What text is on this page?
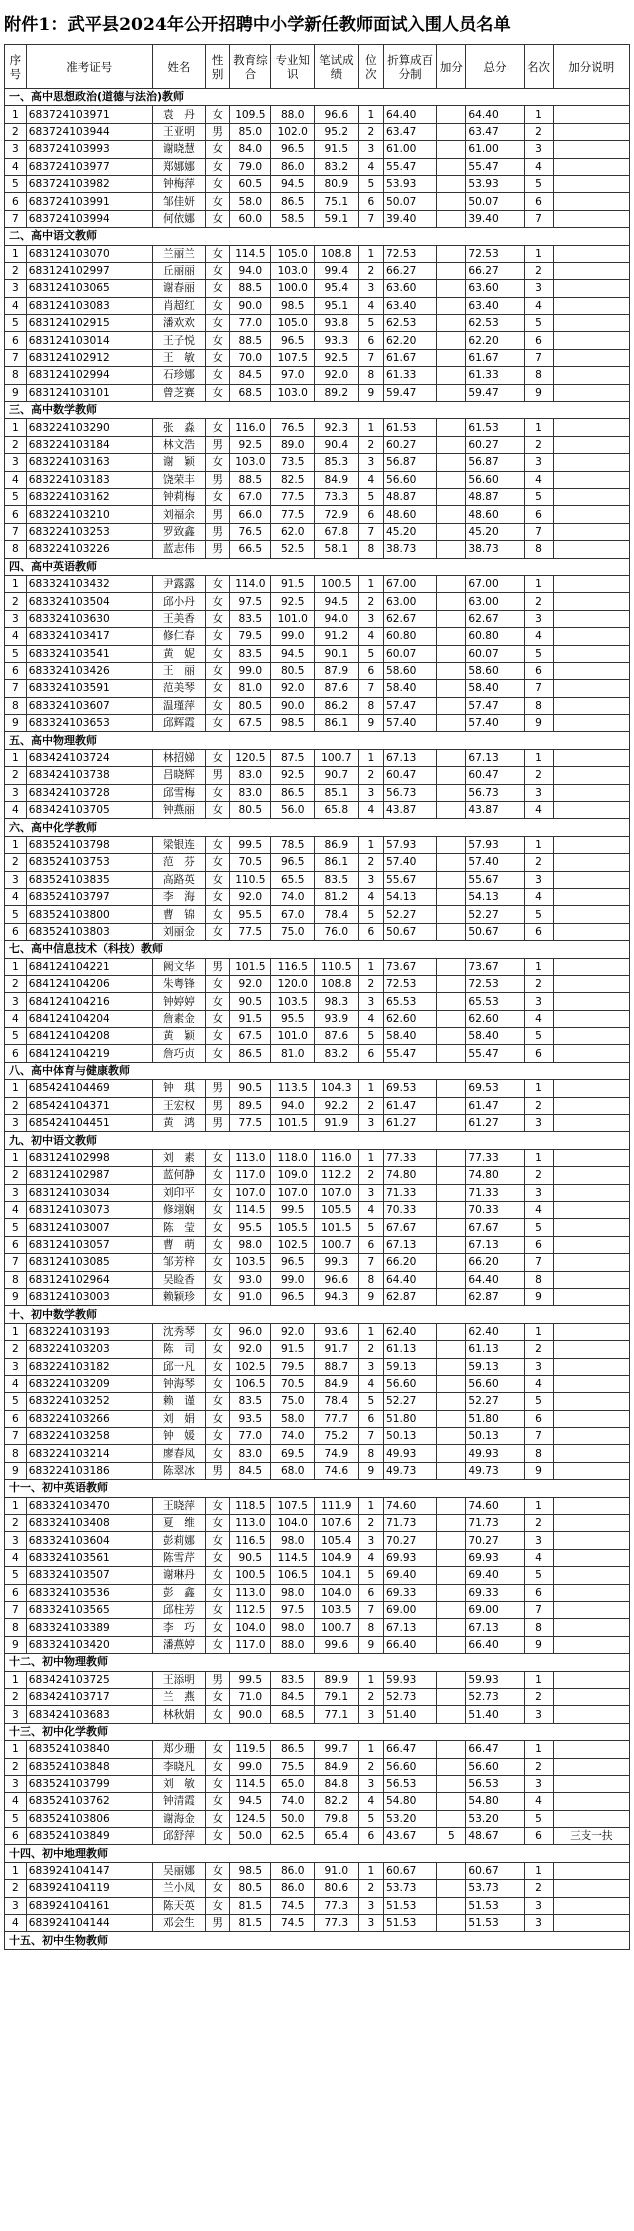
附件1：武平县2024年公开招聘中小学新任教师面试入围人员名单
序号	准考证号	姓名	性别	教育综合	专业知识	笔试成绩	位次	折算成百分制	加分	总分	名次	加分说明
一、高中思想政治(道德与法治)教师												
1	683724103971	袁　丹	女	109.5	88.0	96.6	1	64.40		64.40	1	
2	683724103944	王亚明	男	85.0	102.0	95.2	2	63.47		63.47	2	
3	683724103993	谢晓慧	女	84.0	96.5	91.5	3	61.00		61.00	3	
4	683724103977	郑娜娜	女	79.0	86.0	83.2	4	55.47		55.47	4	
5	683724103982	钟梅萍	女	60.5	94.5	80.9	5	53.93		53.93	5	
6	683724103991	邹佳妍	女	58.0	86.5	75.1	6	50.07		50.07	6	
7	683724103994	何依娜	女	60.0	58.5	59.1	7	39.40		39.40	7	
二、高中语文教师												
1	683124103070	兰丽兰	女	114.5	105.0	108.8	1	72.53		72.53	1	
2	683124102997	丘丽丽	女	94.0	103.0	99.4	2	66.27		66.27	2	
3	683124103065	谢春丽	女	88.5	100.0	95.4	3	63.60		63.60	3	
4	683124103083	肖超红	女	90.0	98.5	95.1	4	63.40		63.40	4	
5	683124102915	潘欢欢	女	77.0	105.0	93.8	5	62.53		62.53	5	
6	683124103014	王子悦	女	88.5	96.5	93.3	6	62.20		62.20	6	
7	683124102912	王　敏	女	70.0	107.5	92.5	7	61.67		61.67	7	
8	683124102994	石珍娜	女	84.5	97.0	92.0	8	61.33		61.33	8	
9	683124103101	曾芝赛	女	68.5	103.0	89.2	9	59.47		59.47	9	
三、高中数学教师												
1	683224103290	张　淼	女	116.0	76.5	92.3	1	61.53		61.53	1	
2	683224103184	林文浩	男	92.5	89.0	90.4	2	60.27		60.27	2	
3	683224103163	谢　颖	女	103.0	73.5	85.3	3	56.87		56.87	3	
4	683224103183	饶荣丰	男	88.5	82.5	84.9	4	56.60		56.60	4	
5	683224103162	钟莉梅	女	67.0	77.5	73.3	5	48.87		48.87	5	
6	683224103210	刘福余	男	66.0	77.5	72.9	6	48.60		48.60	6	
7	683224103253	罗致鑫	男	76.5	62.0	67.8	7	45.20		45.20	7	
8	683224103226	蓝志伟	男	66.5	52.5	58.1	8	38.73		38.73	8	
四、高中英语教师												
1	683324103432	尹露露	女	114.0	91.5	100.5	1	67.00		67.00	1	
2	683324103504	邱小丹	女	97.5	92.5	94.5	2	63.00		63.00	2	
3	683324103630	王美香	女	83.5	101.0	94.0	3	62.67		62.67	3	
4	683324103417	修仁春	女	79.5	99.0	91.2	4	60.80		60.80	4	
5	683324103541	黄　妮	女	83.5	94.5	90.1	5	60.07		60.07	5	
6	683324103426	王　丽	女	99.0	80.5	87.9	6	58.60		58.60	6	
7	683324103591	范美琴	女	81.0	92.0	87.6	7	58.40		58.40	7	
8	683324103607	温瑾萍	女	80.5	90.0	86.2	8	57.47		57.47	8	
9	683324103653	邱辉霞	女	67.5	98.5	86.1	9	57.40		57.40	9	
五、高中物理教师												
1	683424103724	林招娣	女	120.5	87.5	100.7	1	67.13		67.13	1	
2	683424103738	吕晓辉	男	83.0	92.5	90.7	2	60.47		60.47	2	
3	683424103728	邱雪梅	女	83.0	86.5	85.1	3	56.73		56.73	3	
4	683424103705	钟燕丽	女	80.5	56.0	65.8	4	43.87		43.87	4	
六、高中化学教师												
1	683524103798	梁银连	女	99.5	78.5	86.9	1	57.93		57.93	1	
2	683524103753	范　芬	女	70.5	96.5	86.1	2	57.40		57.40	2	
3	683524103835	高路英	女	110.5	65.5	83.5	3	55.67		55.67	3	
4	683524103797	李　海	女	92.0	74.0	81.2	4	54.13		54.13	4	
5	683524103800	曹　锦	女	95.5	67.0	78.4	5	52.27		52.27	5	
6	683524103803	刘丽金	女	77.5	75.0	76.0	6	50.67		50.67	6	
七、高中信息技术（科技）教师												
1	684124104221	阙文华	男	101.5	116.5	110.5	1	73.67		73.67	1	
2	684124104206	朱粤锋	女	92.0	120.0	108.8	2	72.53		72.53	2	
3	684124104216	钟婷婷	女	90.5	103.5	98.3	3	65.53		65.53	3	
4	684124104204	詹素金	女	91.5	95.5	93.9	4	62.60		62.60	4	
5	684124104208	黄　颖	女	67.5	101.0	87.6	5	58.40		58.40	5	
6	684124104219	詹巧贞	女	86.5	81.0	83.2	6	55.47		55.47	6	
八、高中体育与健康教师												
1	685424104469	钟　琪	男	90.5	113.5	104.3	1	69.53		69.53	1	
2	685424104371	王宏权	男	89.5	94.0	92.2	2	61.47		61.47	2	
3	685424104451	黄　鸿	男	77.5	101.5	91.9	3	61.27		61.27	3	
九、初中语文教师												
1	683124102998	刘　素	女	113.0	118.0	116.0	1	77.33		77.33	1	
2	683124102987	蓝何静	女	117.0	109.0	112.2	2	74.80		74.80	2	
3	683124103034	刘印平	女	107.0	107.0	107.0	3	71.33		71.33	3	
4	683124103073	修翊娴	女	114.5	99.5	105.5	4	70.33		70.33	4	
5	683124103007	陈　莹	女	95.5	105.5	101.5	5	67.67		67.67	5	
6	683124103057	曹　萌	女	98.0	102.5	100.7	6	67.13		67.13	6	
7	683124103085	邹芳梓	女	103.5	96.5	99.3	7	66.20		66.20	7	
8	683124102964	吴睑香	女	93.0	99.0	96.6	8	64.40		64.40	8	
9	683124103003	赖颖珍	女	91.0	96.5	94.3	9	62.87		62.87	9	
十、初中数学教师												
1	683224103193	沈秀琴	女	96.0	92.0	93.6	1	62.40		62.40	1	
2	683224103203	陈　司	女	92.0	91.5	91.7	2	61.13		61.13	2	
3	683224103182	邱一凡	女	102.5	79.5	88.7	3	59.13		59.13	3	
4	683224103209	钟海琴	女	106.5	70.5	84.9	4	56.60		56.60	4	
5	683224103252	赖　谨	女	83.5	75.0	78.4	5	52.27		52.27	5	
6	683224103266	刘　娟	女	93.5	58.0	77.7	6	51.80		51.80	6	
7	683224103258	钟　媛	女	77.0	74.0	75.2	7	50.13		50.13	7	
8	683224103214	廖春凤	女	83.0	69.5	74.9	8	49.93		49.93	8	
9	683224103186	陈翠冰	男	84.5	68.0	74.6	9	49.73		49.73	9	
十一、初中英语教师												
1	683324103470	王晓萍	女	118.5	107.5	111.9	1	74.60		74.60	1	
2	683324103408	夏　维	女	113.0	104.0	107.6	2	71.73		71.73	2	
3	683324103604	彭莉娜	女	116.5	98.0	105.4	3	70.27		70.27	3	
4	683324103561	陈雪芹	女	90.5	114.5	104.9	4	69.93		69.93	4	
5	683324103507	谢琳丹	女	100.5	106.5	104.1	5	69.40		69.40	5	
6	683324103536	彭　鑫	女	113.0	98.0	104.0	6	69.33		69.33	6	
7	683324103565	邱柱芳	女	112.5	97.5	103.5	7	69.00		69.00	7	
8	683324103389	李　巧	女	104.0	98.0	100.7	8	67.13		67.13	8	
9	683324103420	潘燕婷	女	117.0	88.0	99.6	9	66.40		66.40	9	
十二、初中物理教师												
1	683424103725	王添明	男	99.5	83.5	89.9	1	59.93		59.93	1	
2	683424103717	兰　燕	女	71.0	84.5	79.1	2	52.73		52.73	2	
3	683424103683	林秋娟	女	90.0	68.5	77.1	3	51.40		51.40	3	
十三、初中化学教师												
1	683524103840	郑少珊	女	119.5	86.5	99.7	1	66.47		66.47	1	
2	683524103848	李晓凡	女	99.0	75.5	84.9	2	56.60		56.60	2	
3	683524103799	刘　敏	女	114.5	65.0	84.8	3	56.53		56.53	3	
4	683524103762	钟清霞	女	94.5	74.0	82.2	4	54.80		54.80	4	
5	683524103806	谢海金	女	124.5	50.0	79.8	5	53.20		53.20	5	
6	683524103849	邱舒萍	女	50.0	62.5	65.4	6	43.67	5	48.67	6	三支一扶
十四、初中地理教师												
1	683924104147	吴丽娜	女	98.5	86.0	91.0	1	60.67		60.67	1	
2	683924104119	兰小凤	女	80.5	86.0	80.6	2	53.73		53.73	2	
3	683924104161	陈天英	女	81.5	74.5	77.3	3	51.53		51.53	3	
4	683924104144	邓会生	男	81.5	74.5	77.3	3	51.53		51.53	3	
十五、初中生物教师												
